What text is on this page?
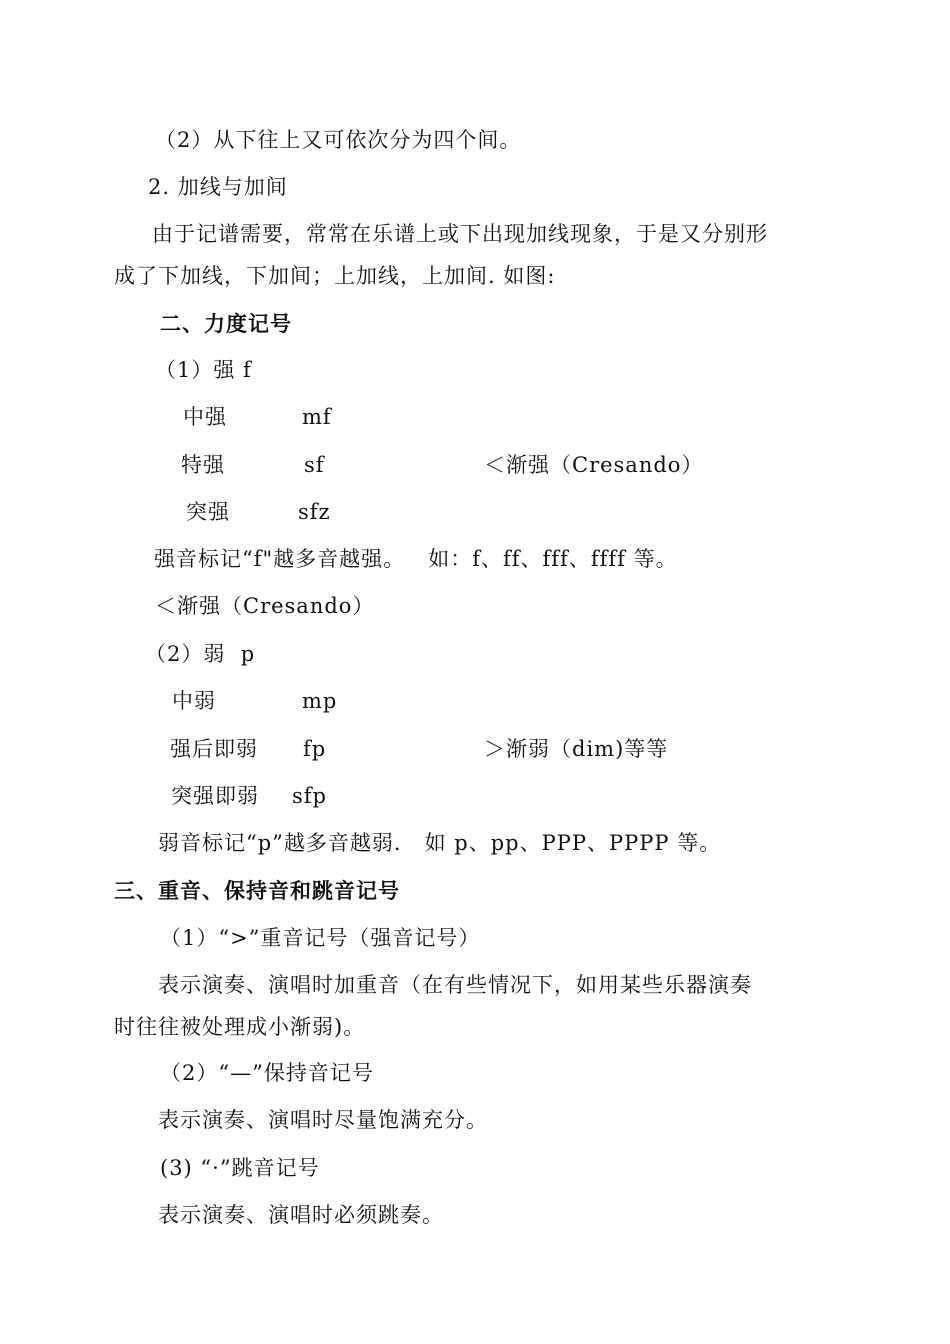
（2）从下往上又可依次分为四个间。
2. 加线与加间
由于记谱需要，常常在乐谱上或下出现加线现象，于是又分别形
成了下加线，下加间；上加线，上加间. 如图:
二、力度记号
（1）强 f
中强	mf
特强	sf	＜渐强（Cresando）
突强	sfz
强音标记“f"越多音越强。   如：f、ff、fff、ffff 等。
＜渐强（Cresando）
（2）弱  p
中弱	mp
强后即弱 fp	＞渐弱（dim)等等
突强即弱 sfp
弱音标记“p”越多音越弱.   如 p、pp、PPP、PPPP 等。
三、重音、保持音和跳音记号
（1）“>”重音记号（强音记号）
表示演奏、演唱时加重音（在有些情况下，如用某些乐器演奏
时往往被处理成小渐弱)。
（2）“—”保持音记号
表示演奏、演唱时尽量饱满充分。
(3) “·”跳音记号
表示演奏、演唱时必须跳奏。
